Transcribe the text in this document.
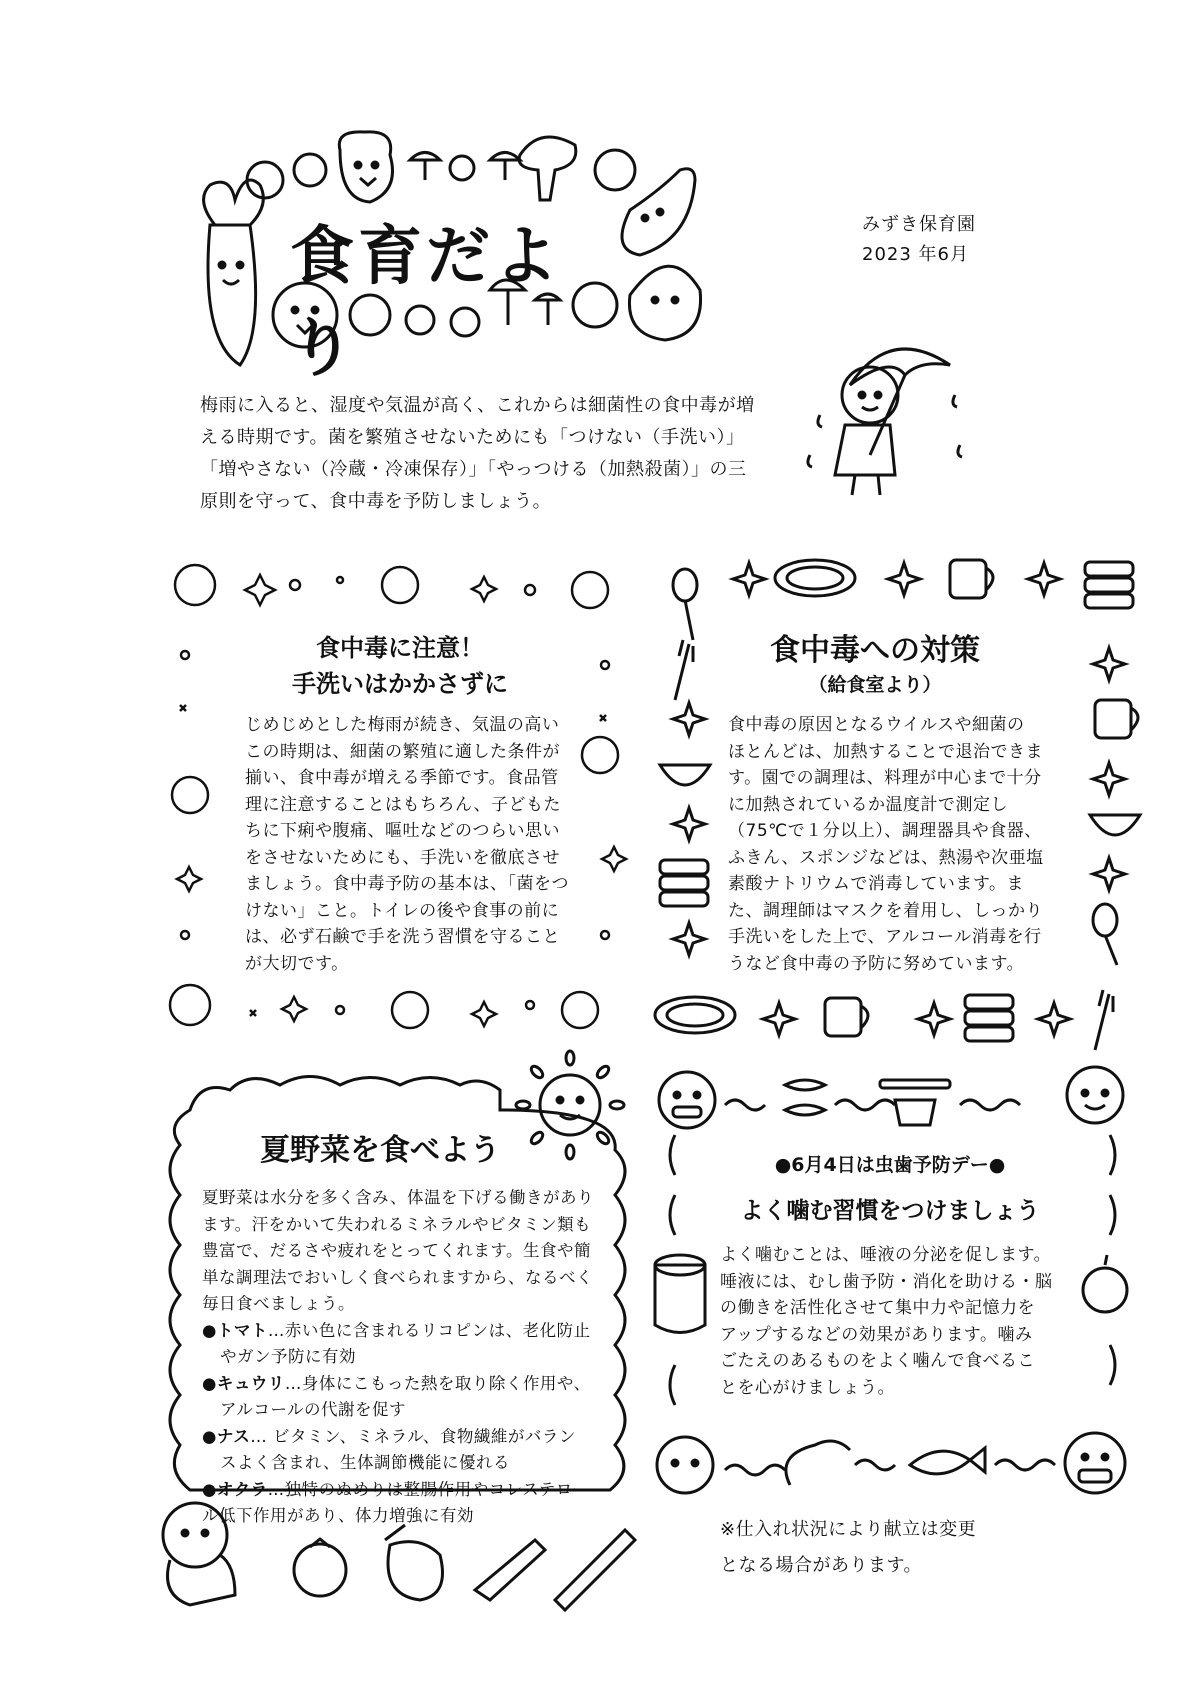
食育だより
みずき保育園
2023 年6月
梅雨に入ると、湿度や気温が高く、これからは細菌性の食中毒が増
える時期です。菌を繁殖させないためにも「つけない（手洗い）」
「増やさない（冷蔵・冷凍保存）」「やっつける（加熱殺菌）」の三
原則を守って、食中毒を予防しましょう。
食中毒に注意！
手洗いはかかさずに
じめじめとした梅雨が続き、気温の高い
この時期は、細菌の繁殖に適した条件が
揃い、食中毒が増える季節です。食品管
理に注意することはもちろん、子どもた
ちに下痢や腹痛、嘔吐などのつらい思い
をさせないためにも、手洗いを徹底させ
ましょう。食中毒予防の基本は、「菌をつ
けない」こと。トイレの後や食事の前に
は、必ず石鹸で手を洗う習慣を守ること
が大切です。
食中毒への対策
（給食室より）
食中毒の原因となるウイルスや細菌の
ほとんどは、加熱することで退治できま
す。園での調理は、料理が中心まで十分
に加熱されているか温度計で測定し
（75℃で１分以上）、調理器具や食器、
ふきん、スポンジなどは、熱湯や次亜塩
素酸ナトリウムで消毒しています。ま
た、調理師はマスクを着用し、しっかり
手洗いをした上で、アルコール消毒を行
うなど食中毒の予防に努めています。
夏野菜を食べよう
夏野菜は水分を多く含み、体温を下げる働きがあり
ます。汗をかいて失われるミネラルやビタミン類も
豊富で、だるさや疲れをとってくれます。生食や簡
単な調理法でおいしく食べられますから、なるべく
毎日食べましょう。
●トマト…赤い色に含まれるリコピンは、老化防止
やガン予防に有効
●キュウリ…身体にこもった熱を取り除く作用や、
アルコールの代謝を促す
●ナス… ビタミン、ミネラル、食物繊維がバラン
スよく含まれ、生体調節機能に優れる
●オクラ…独特のぬめりは整腸作用やコレステロー
ル低下作用があり、体力増強に有効
●6月4日は虫歯予防デー●
よく噛む習慣をつけましょう
よく噛むことは、唾液の分泌を促します。
唾液には、むし歯予防・消化を助ける・脳
の働きを活性化させて集中力や記憶力を
アップするなどの効果があります。噛み
ごたえのあるものをよく噛んで食べるこ
とを心がけましょう。
※仕入れ状況により献立は変更
となる場合があります。
